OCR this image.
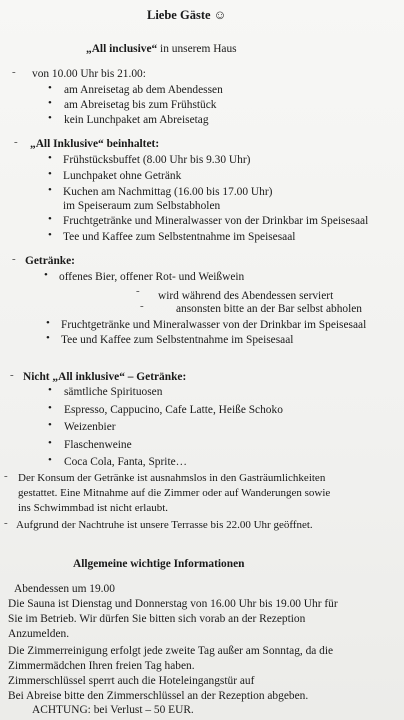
Liebe Gäste ☺
„All inclusive“ in unserem Haus
- von 10.00 Uhr bis 21.00:
• am Anreisetag ab dem Abendessen
• am Abreisetag bis zum Frühstück
• kein Lunchpaket am Abreisetag
- „All Inklusive“ beinhaltet:
• Frühstücksbuffet (8.00 Uhr bis 9.30 Uhr)
• Lunchpaket ohne Getränk
• Kuchen am Nachmittag (16.00 bis 17.00 Uhr)
im Speiseraum zum Selbstabholen
• Fruchtgetränke und Mineralwasser von der Drinkbar im Speisesaal
• Tee und Kaffee zum Selbstentnahme im Speisesaal
- Getränke:
• offenes Bier, offener Rot- und Weißwein
- wird während des Abendessen serviert
-	ansonsten bitte an der Bar selbst abholen
• Fruchtgetränke und Mineralwasser von der Drinkbar im Speisesaal
• Tee und Kaffee zum Selbstentnahme im Speisesaal
- Nicht „All inklusive“ – Getränke:
• sämtliche Spirituosen
• Espresso, Cappucino, Cafe Latte, Heiße Schoko
• Weizenbier
• Flaschenweine
• Coca Cola, Fanta, Sprite…
- Der Konsum der Getränke ist ausnahmslos in den Gasträumlichkeiten
gestattet. Eine Mitnahme auf die Zimmer oder auf Wanderungen sowie
ins Schwimmbad ist nicht erlaubt.
- Aufgrund der Nachtruhe ist unsere Terrasse bis 22.00 Uhr geöffnet.
Allgemeine wichtige Informationen
Abendessen um 19.00
Die Sauna ist Dienstag und Donnerstag von 16.00 Uhr bis 19.00 Uhr für
Sie im Betrieb. Wir dürfen Sie bitten sich vorab an der Rezeption
Anzumelden.
Die Zimmerreinigung erfolgt jede zweite Tag außer am Sonntag, da die
Zimmermädchen Ihren freien Tag haben.
Zimmerschlüssel sperrt auch die Hoteleingangstür auf
Bei Abreise bitte den Zimmerschlüssel an der Rezeption abgeben.
ACHTUNG: bei Verlust – 50 EUR.
